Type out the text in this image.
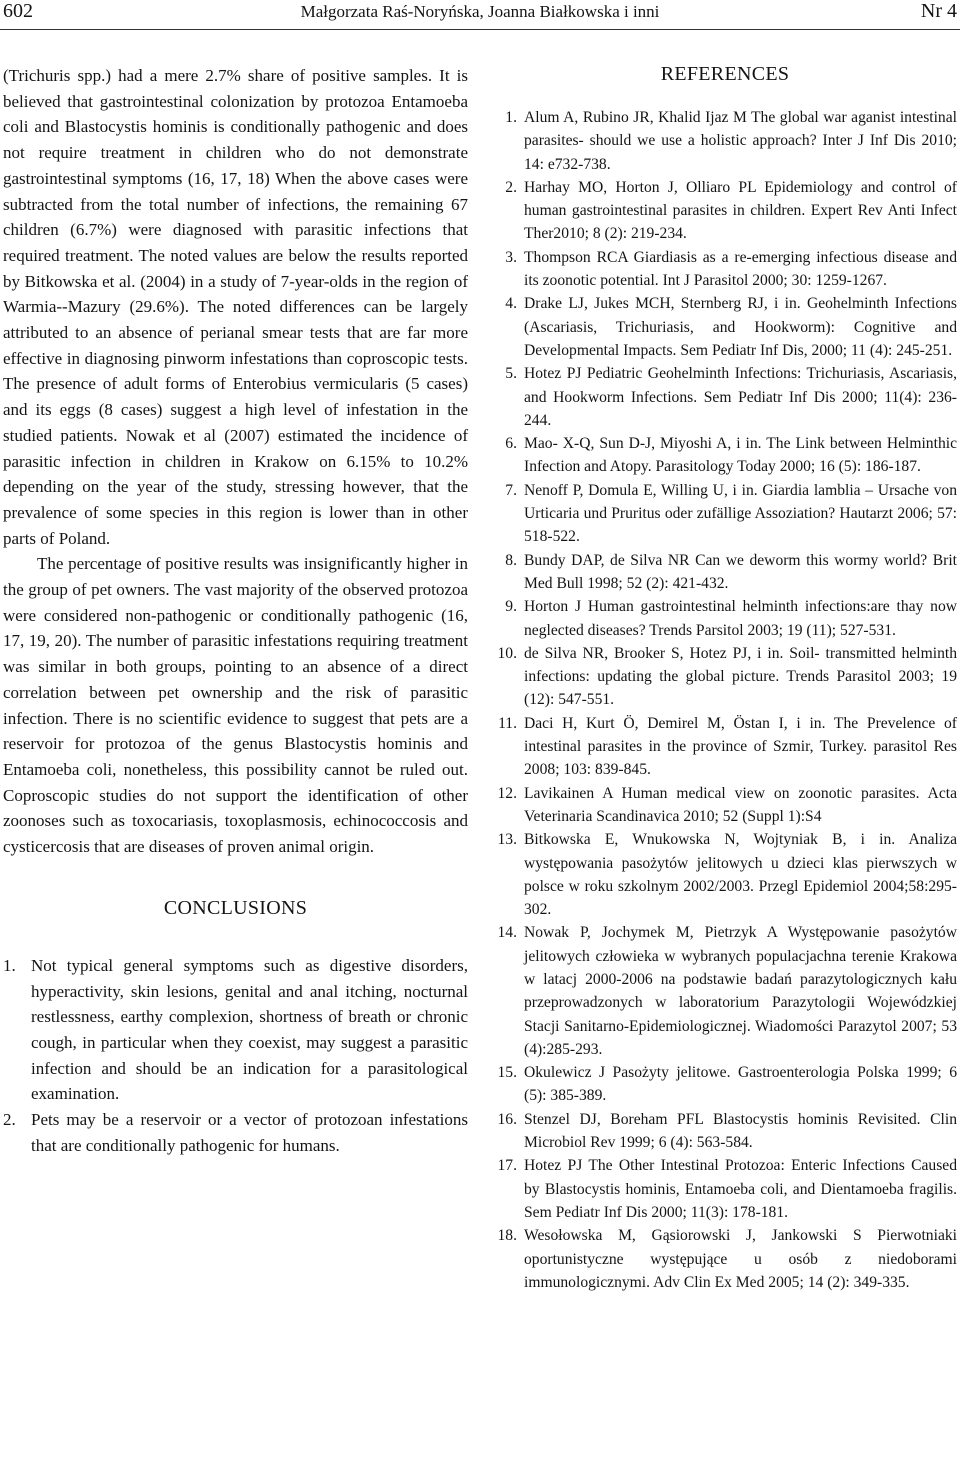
602	Małgorzata Raś-Noryńska, Joanna Białkowska i inni	Nr 4

(Trichuris spp.) had a mere 2.7% share of positive samples. It is believed that gastrointestinal colonization by protozoa Entamoeba coli and Blastocystis hominis is conditionally pathogenic and does not require treatment in children who do not demonstrate gastrointestinal symptoms (16, 17, 18) When the above cases were subtracted from the total number of infections, the remaining 67 children (6.7%) were diagnosed with parasitic infections that required treatment. The noted values are below the results reported by Bitkowska et al. (2004) in a study of 7-year-olds in the region of Warmia--Mazury (29.6%). The noted differences can be largely attributed to an absence of perianal smear tests that are far more effective in diagnosing pinworm infestations than coproscopic tests. The presence of adult forms of Enterobius vermicularis (5 cases) and its eggs (8 cases) suggest a high level of infestation in the studied patients. Nowak et al (2007) estimated the incidence of parasitic infection in children in Krakow on 6.15% to 10.2% depending on the year of the study, stressing however, that the prevalence of some species in this region is lower than in other parts of Poland.

The percentage of positive results was insignificantly higher in the group of pet owners. The vast majority of the observed protozoa were considered non-pathogenic or conditionally pathogenic (16, 17, 19, 20). The number of parasitic infestations requiring treatment was similar in both groups, pointing to an absence of a direct correlation between pet ownership and the risk of parasitic infection. There is no scientific evidence to suggest that pets are a reservoir for protozoa of the genus Blastocystis hominis and Entamoeba coli, nonetheless, this possibility cannot be ruled out. Coproscopic studies do not support the identification of other zoonoses such as toxocariasis, toxoplasmosis, echinococcosis and cysticercosis that are diseases of proven animal origin.

CONCLUSIONS
1. Not typical general symptoms such as digestive disorders, hyperactivity, skin lesions, genital and anal itching, nocturnal restlessness, earthy complexion, shortness of breath or chronic cough, in particular when they coexist, may suggest a parasitic infection and should be an indication for a parasitological examination.
2. Pets may be a reservoir or a vector of protozoan infestations that are conditionally pathogenic for humans.
REFERENCES
1. Alum A, Rubino JR, Khalid Ijaz M The global war aganist intestinal parasites- should we use a holistic approach? Inter J Inf Dis 2010; 14: e732-738.
2. Harhay MO, Horton J, Olliaro PL Epidemiology and control of human gastrointestinal parasites in children. Expert Rev Anti Infect Ther2010; 8 (2): 219-234.
3. Thompson RCA Giardiasis as a re-emerging infectious disease and its zoonotic potential. Int J Parasitol 2000; 30: 1259-1267.
4. Drake LJ, Jukes MCH, Sternberg RJ, i in. Geohelminth Infections (Ascariasis, Trichuriasis, and Hookworm): Cognitive and Developmental Impacts. Sem Pediatr Inf Dis, 2000; 11 (4): 245-251.
5. Hotez PJ Pediatric Geohelminth Infections: Trichuriasis, Ascariasis, and Hookworm Infections. Sem Pediatr Inf Dis 2000; 11(4): 236-244.
6. Mao- X-Q, Sun D-J, Miyoshi A, i in. The Link between Helminthic Infection and Atopy. Parasitology Today 2000; 16 (5): 186-187.
7. Nenoff P, Domula E, Willing U, i in. Giardia lamblia – Ursache von Urticaria und Pruritus oder zufällige Assoziation? Hautarzt 2006; 57: 518-522.
8. Bundy DAP, de Silva NR Can we deworm this wormy world? Brit Med Bull 1998; 52 (2): 421-432.
9. Horton J Human gastrointestinal helminth infections:are thay now neglected diseases? Trends Parsitol 2003; 19 (11); 527-531.
10. de Silva NR, Brooker S, Hotez PJ, i in. Soil- transmitted helminth infections: updating the global picture. Trends Parasitol 2003; 19 (12): 547-551.
11. Daci H, Kurt Ö, Demirel M, Östan I, i in. The Prevelence of intestinal parasites in the province of Szmir, Turkey. parasitol Res 2008; 103: 839-845.
12. Lavikainen A Human medical view on zoonotic parasites. Acta Veterinaria Scandinavica 2010; 52 (Suppl 1):S4
13. Bitkowska E, Wnukowska N, Wojtyniak B, i in. Analiza występowania pasożytów jelitowych u dzieci klas pierwszych w polsce w roku szkolnym 2002/2003. Przegl Epidemiol 2004;58:295-302.
14. Nowak P, Jochymek M, Pietrzyk A Występowanie pasożytów jelitowych człowieka w wybranych populacjachna terenie Krakowa w latacj 2000-2006 na podstawie badań parazytologicznych kału przeprowadzonych w laboratorium Parazytologii Wojewódzkiej Stacji Sanitarno-Epidemiologicznej. Wiadomości Parazytol 2007; 53 (4):285-293.
15. Okulewicz J Pasożyty jelitowe. Gastroenterologia Polska 1999; 6 (5): 385-389.
16. Stenzel DJ, Boreham PFL Blastocystis hominis Revisited. Clin Microbiol Rev 1999; 6 (4): 563-584.
17. Hotez PJ The Other Intestinal Protozoa: Enteric Infections Caused by Blastocystis hominis, Entamoeba coli, and Dientamoeba fragilis. Sem Pediatr Inf Dis 2000; 11(3): 178-181.
18. Wesołowska M, Gąsiorowski J, Jankowski S Pierwotniaki oportunistyczne występujące u osób z niedoborami immunologicznymi. Adv Clin Ex Med 2005; 14 (2): 349-335.
